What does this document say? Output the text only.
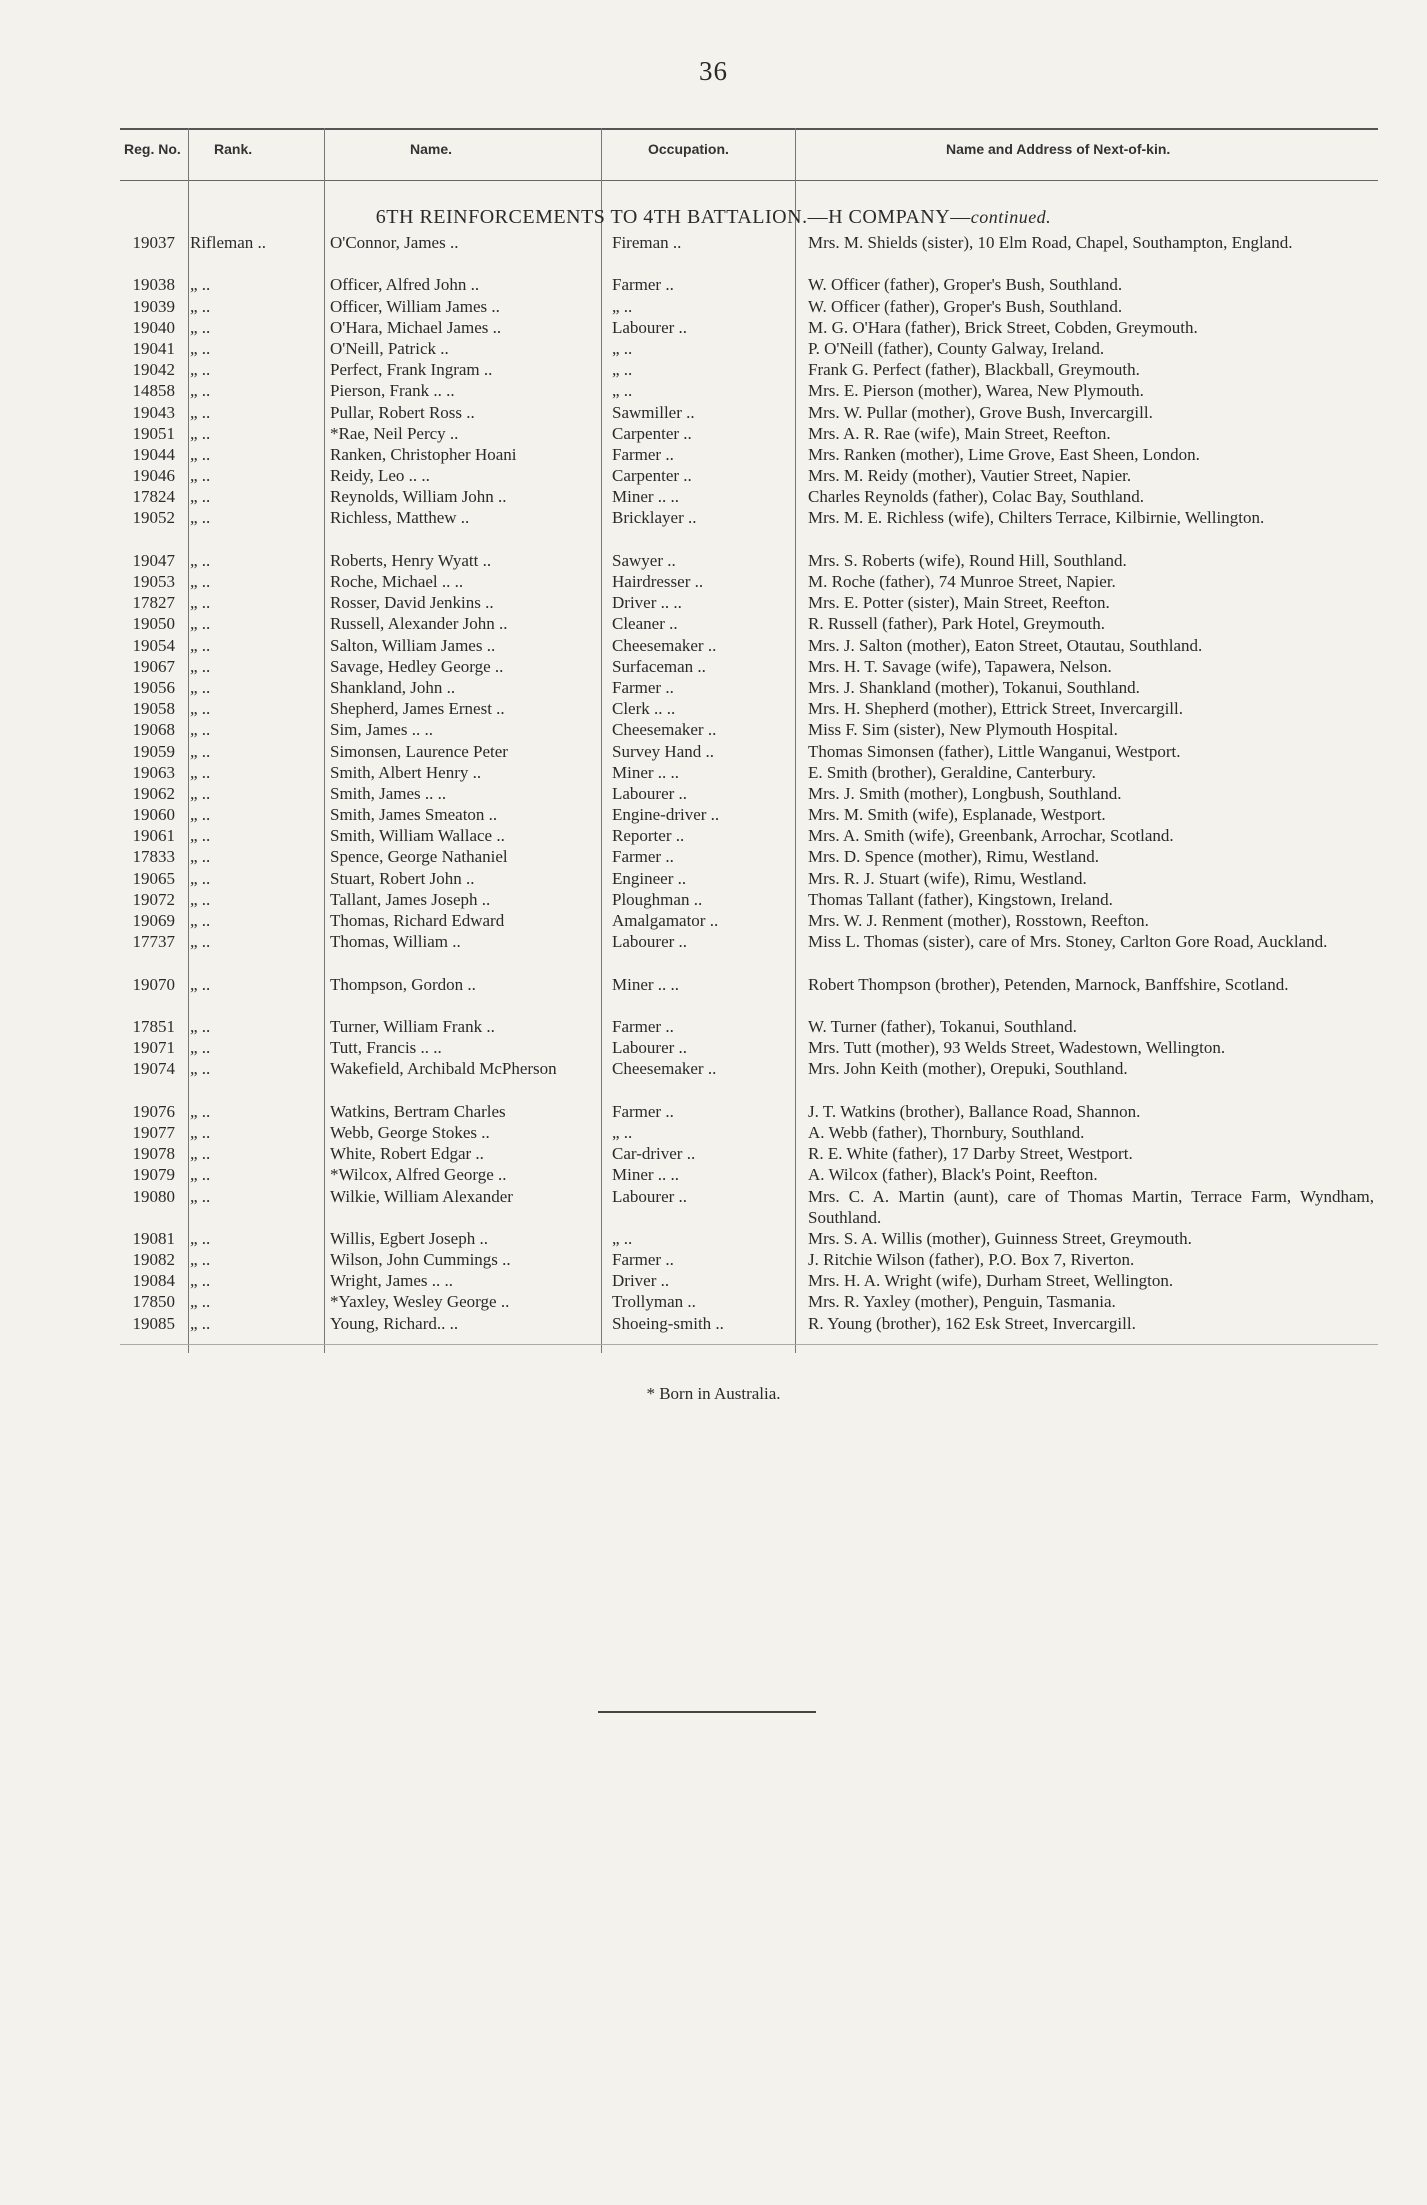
36
Reg. No. Rank.	Name.	Occupation.	Name and Address of Next-of-kin.
6TH REINFORCEMENTS TO 4TH BATTALION.—H COMPANY—continued.
19037 Rifleman ..	O'Connor, James ..	Fireman ..	Mrs. M. Shields (sister), 10 Elm Road, Chapel, Southampton, England.
19038 „ ..	Officer, Alfred John ..	Farmer ..	W. Officer (father), Groper's Bush, Southland.
19039 „ ..	Officer, William James ..	„ ..	W. Officer (father), Groper's Bush, Southland.
19040 „ ..	O'Hara, Michael James ..	Labourer ..	M. G. O'Hara (father), Brick Street, Cobden, Greymouth.
19041 „ ..	O'Neill, Patrick ..	„ ..	P. O'Neill (father), County Galway, Ireland.
19042 „ ..	Perfect, Frank Ingram ..	„ ..	Frank G. Perfect (father), Blackball, Greymouth.
14858 „ ..	Pierson, Frank .. ..	„ ..	Mrs. E. Pierson (mother), Warea, New Plymouth.
19043 „ ..	Pullar, Robert Ross ..	Sawmiller ..	Mrs. W. Pullar (mother), Grove Bush, Invercargill.
19051 „ ..	*Rae, Neil Percy ..	Carpenter ..	Mrs. A. R. Rae (wife), Main Street, Reefton.
19044 „ ..	Ranken, Christopher Hoani	Farmer ..	Mrs. Ranken (mother), Lime Grove, East Sheen, London.
19046 „ ..	Reidy, Leo .. ..	Carpenter ..	Mrs. M. Reidy (mother), Vautier Street, Napier.
17824 „ ..	Reynolds, William John ..	Miner .. ..	Charles Reynolds (father), Colac Bay, Southland.
19052 „ ..	Richless, Matthew ..	Bricklayer ..	Mrs. M. E. Richless (wife), Chilters Terrace, Kilbirnie, Wellington.
19047 „ ..	Roberts, Henry Wyatt ..	Sawyer ..	Mrs. S. Roberts (wife), Round Hill, Southland.
19053 „ ..	Roche, Michael .. ..	Hairdresser ..	M. Roche (father), 74 Munroe Street, Napier.
17827 „ ..	Rosser, David Jenkins ..	Driver .. ..	Mrs. E. Potter (sister), Main Street, Reefton.
19050 „ ..	Russell, Alexander John ..	Cleaner ..	R. Russell (father), Park Hotel, Greymouth.
19054 „ ..	Salton, William James ..	Cheesemaker ..	Mrs. J. Salton (mother), Eaton Street, Otautau, Southland.
19067 „ ..	Savage, Hedley George ..	Surfaceman ..	Mrs. H. T. Savage (wife), Tapawera, Nelson.
19056 „ ..	Shankland, John ..	Farmer ..	Mrs. J. Shankland (mother), Tokanui, Southland.
19058 „ ..	Shepherd, James Ernest ..	Clerk .. ..	Mrs. H. Shepherd (mother), Ettrick Street, Invercargill.
19068 „ ..	Sim, James .. ..	Cheesemaker ..	Miss F. Sim (sister), New Plymouth Hospital.
19059 „ ..	Simonsen, Laurence Peter	Survey Hand ..	Thomas Simonsen (father), Little Wanganui, Westport.
19063 „ ..	Smith, Albert Henry ..	Miner .. ..	E. Smith (brother), Geraldine, Canterbury.
19062 „ ..	Smith, James .. ..	Labourer ..	Mrs. J. Smith (mother), Longbush, Southland.
19060 „ ..	Smith, James Smeaton ..	Engine-driver ..	Mrs. M. Smith (wife), Esplanade, Westport.
19061 „ ..	Smith, William Wallace ..	Reporter ..	Mrs. A. Smith (wife), Greenbank, Arrochar, Scotland.
17833 „ ..	Spence, George Nathaniel	Farmer ..	Mrs. D. Spence (mother), Rimu, Westland.
19065 „ ..	Stuart, Robert John ..	Engineer ..	Mrs. R. J. Stuart (wife), Rimu, Westland.
19072 „ ..	Tallant, James Joseph ..	Ploughman ..	Thomas Tallant (father), Kingstown, Ireland.
19069 „ ..	Thomas, Richard Edward	Amalgamator ..	Mrs. W. J. Renment (mother), Rosstown, Reefton.
17737 „ ..	Thomas, William ..	Labourer ..	Miss L. Thomas (sister), care of Mrs. Stoney, Carlton Gore Road, Auckland.
19070 „ ..	Thompson, Gordon ..	Miner .. ..	Robert Thompson (brother), Petenden, Marnock, Banffshire, Scotland.
17851 „ ..	Turner, William Frank ..	Farmer ..	W. Turner (father), Tokanui, Southland.
19071 „ ..	Tutt, Francis .. ..	Labourer ..	Mrs. Tutt (mother), 93 Welds Street, Wadestown, Wellington.
19074 „ ..	Wakefield, Archibald McPherson	Cheesemaker ..	Mrs. John Keith (mother), Orepuki, Southland.
19076 „ ..	Watkins, Bertram Charles	Farmer ..	J. T. Watkins (brother), Ballance Road, Shannon.
19077 „ ..	Webb, George Stokes ..	„ ..	A. Webb (father), Thornbury, Southland.
19078 „ ..	White, Robert Edgar ..	Car-driver ..	R. E. White (father), 17 Darby Street, Westport.
19079 „ ..	*Wilcox, Alfred George ..	Miner .. ..	A. Wilcox (father), Black's Point, Reefton.
19080 „ ..	Wilkie, William Alexander	Labourer ..	Mrs. C. A. Martin (aunt), care of Thomas Martin, Terrace Farm, Wyndham, Southland.
19081 „ ..	Willis, Egbert Joseph ..	„ ..	Mrs. S. A. Willis (mother), Guinness Street, Greymouth.
19082 „ ..	Wilson, John Cummings ..	Farmer ..	J. Ritchie Wilson (father), P.O. Box 7, Riverton.
19084 „ ..	Wright, James .. ..	Driver ..	Mrs. H. A. Wright (wife), Durham Street, Wellington.
17850 „ ..	*Yaxley, Wesley George ..	Trollyman ..	Mrs. R. Yaxley (mother), Penguin, Tasmania.
19085 „ ..	Young, Richard.. ..	Shoeing-smith ..	R. Young (brother), 162 Esk Street, Invercargill.
* Born in Australia.
